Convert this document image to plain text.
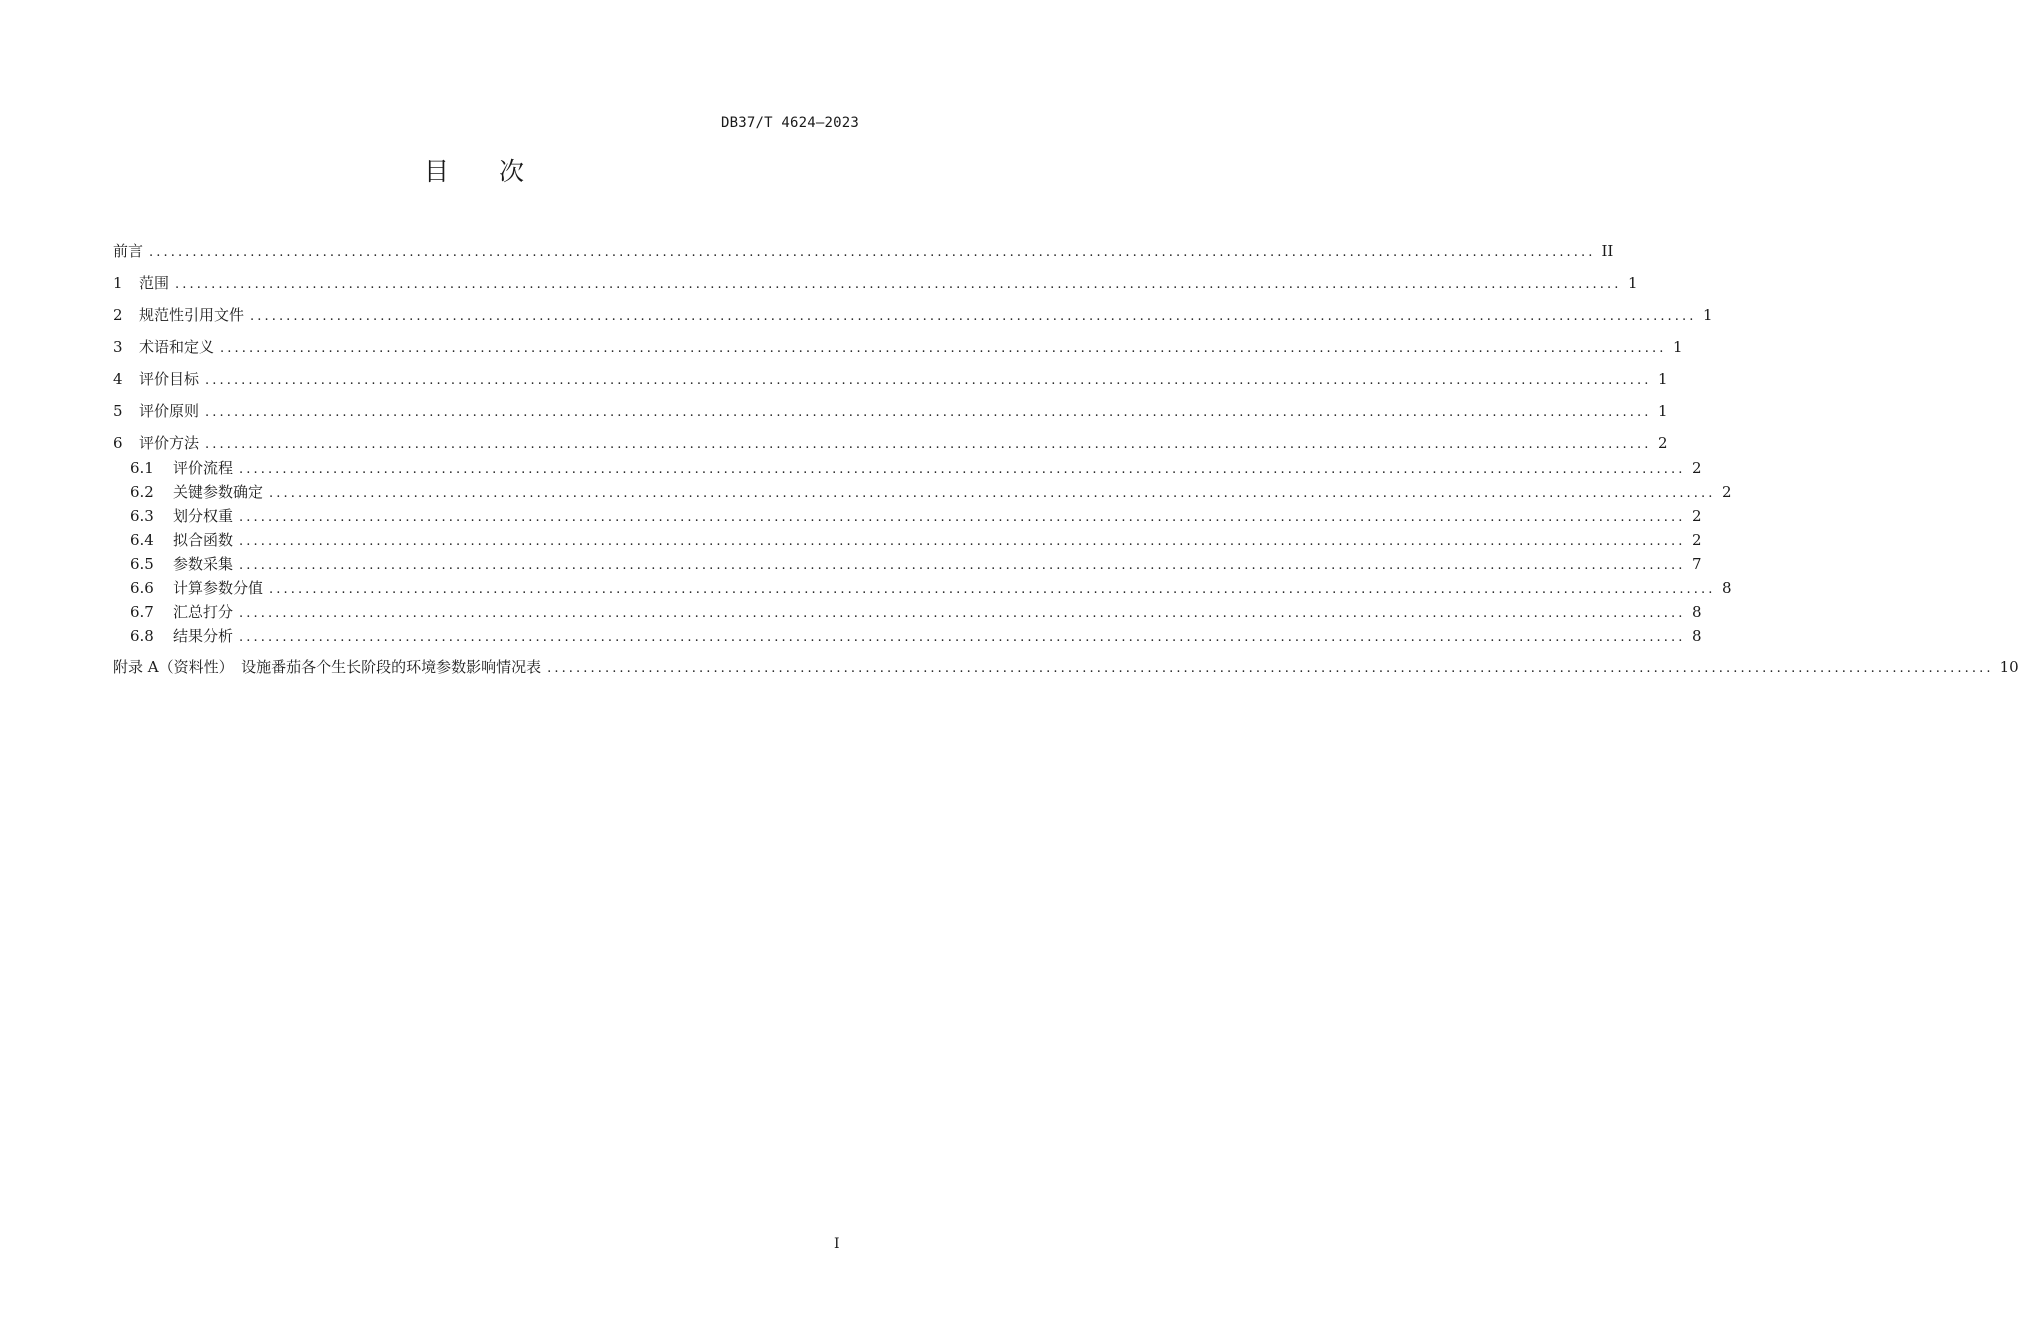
DB37/T 4624—2023
目 次
前言 ........................................................................................................................................................................................................ II
1	范围 ........................................................................................................................................................................................................ 1
2	规范性引用文件 ........................................................................................................................................................................................................ 1
3	术语和定义 ........................................................................................................................................................................................................ 1
4	评价目标 ........................................................................................................................................................................................................ 1
5	评价原则 ........................................................................................................................................................................................................ 1
6	评价方法 ........................................................................................................................................................................................................ 2
6.1	评价流程 ........................................................................................................................................................................................................ 2
6.2	关键参数确定 ........................................................................................................................................................................................................ 2
6.3	划分权重 ........................................................................................................................................................................................................ 2
6.4	拟合函数 ........................................................................................................................................................................................................ 2
6.5	参数采集 ........................................................................................................................................................................................................ 7
6.6	计算参数分值 ........................................................................................................................................................................................................ 8
6.7	汇总打分 ........................................................................................................................................................................................................ 8
6.8	结果分析 ........................................................................................................................................................................................................ 8
附录 A（资料性）　设施番茄各个生长阶段的环境参数影响情况表 ........................................................................................................................................................................................................ 10
I
